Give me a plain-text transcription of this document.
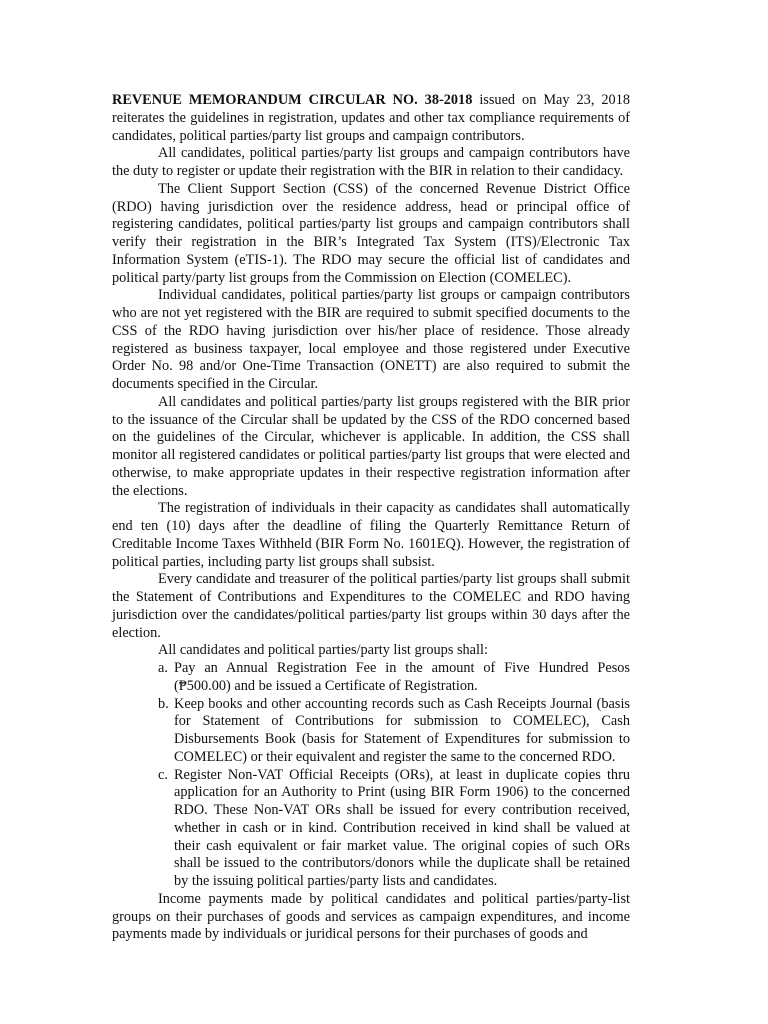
REVENUE MEMORANDUM CIRCULAR NO. 38-2018 issued on May 23, 2018 reiterates the guidelines in registration, updates and other tax compliance requirements of candidates, political parties/party list groups and campaign contributors.

All candidates, political parties/party list groups and campaign contributors have the duty to register or update their registration with the BIR in relation to their candidacy.

The Client Support Section (CSS) of the concerned Revenue District Office (RDO) having jurisdiction over the residence address, head or principal office of registering candidates, political parties/party list groups and campaign contributors shall verify their registration in the BIR’s Integrated Tax System (ITS)/Electronic Tax Information System (eTIS-1). The RDO may secure the official list of candidates and political party/party list groups from the Commission on Election (COMELEC).

Individual candidates, political parties/party list groups or campaign contributors who are not yet registered with the BIR are required to submit specified documents to the CSS of the RDO having jurisdiction over his/her place of residence. Those already registered as business taxpayer, local employee and those registered under Executive Order No. 98 and/or One-Time Transaction (ONETT) are also required to submit the documents specified in the Circular.

All candidates and political parties/party list groups registered with the BIR prior to the issuance of the Circular shall be updated by the CSS of the RDO concerned based on the guidelines of the Circular, whichever is applicable. In addition, the CSS shall monitor all registered candidates or political parties/party list groups that were elected and otherwise, to make appropriate updates in their respective registration information after the elections.

The registration of individuals in their capacity as candidates shall automatically end ten (10) days after the deadline of filing the Quarterly Remittance Return of Creditable Income Taxes Withheld (BIR Form No. 1601EQ). However, the registration of political parties, including party list groups shall subsist.

Every candidate and treasurer of the political parties/party list groups shall submit the Statement of Contributions and Expenditures to the COMELEC and RDO having jurisdiction over the candidates/political parties/party list groups within 30 days after the election.

All candidates and political parties/party list groups shall:

a. Pay an Annual Registration Fee in the amount of Five Hundred Pesos (₱500.00) and be issued a Certificate of Registration.
b. Keep books and other accounting records such as Cash Receipts Journal (basis for Statement of Contributions for submission to COMELEC), Cash Disbursements Book (basis for Statement of Expenditures for submission to COMELEC) or their equivalent and register the same to the concerned RDO.
c. Register Non-VAT Official Receipts (ORs), at least in duplicate copies thru application for an Authority to Print (using BIR Form 1906) to the concerned RDO. These Non-VAT ORs shall be issued for every contribution received, whether in cash or in kind. Contribution received in kind shall be valued at their cash equivalent or fair market value. The original copies of such ORs shall be issued to the contributors/donors while the duplicate shall be retained by the issuing political parties/party lists and candidates.

Income payments made by political candidates and political parties/party-list groups on their purchases of goods and services as campaign expenditures, and income payments made by individuals or juridical persons for their purchases of goods and
